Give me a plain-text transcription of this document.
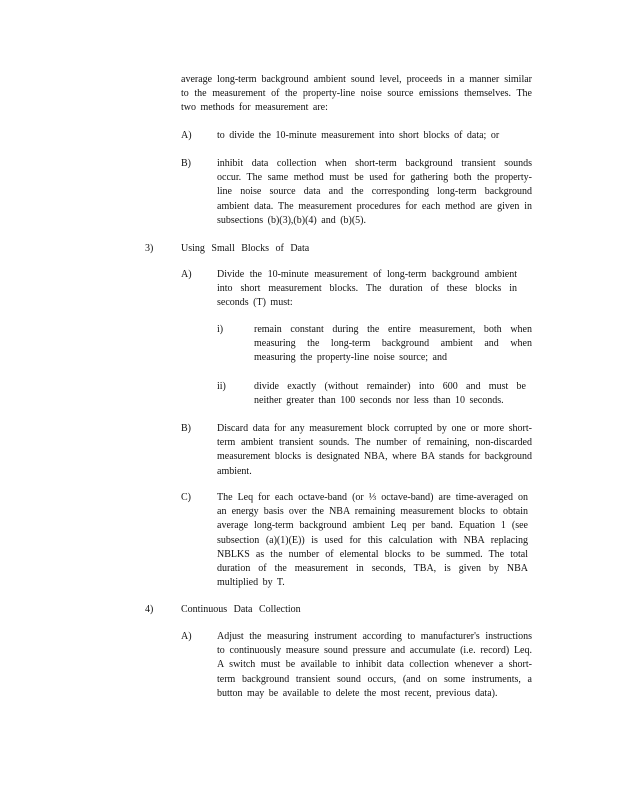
average long-term background ambient sound level, proceeds in a manner similar to the measurement of the property-line noise source emissions themselves. The two methods for measurement are:

A)	to divide the 10-minute measurement into short blocks of data; or

B)	inhibit data collection when short-term background transient sounds occur. The same method must be used for gathering both the property-line noise source data and the corresponding long-term background ambient data. The measurement procedures for each method are given in subsections (b)(3),(b)(4) and (b)(5).

3)	Using Small Blocks of Data
A)	Divide the 10-minute measurement of long-term background ambient into short measurement blocks. The duration of these blocks in seconds (T) must:

i)	remain constant during the entire measurement, both when measuring the long-term background ambient and when measuring the property-line noise source; and

ii)	divide exactly (without remainder) into 600 and must be neither greater than 100 seconds nor less than 10 seconds.

B)	Discard data for any measurement block corrupted by one or more short-term ambient transient sounds. The number of remaining, non-discarded measurement blocks is designated NBA, where BA stands for background ambient.

C)	The Leq for each octave-band (or ⅓ octave-band) are time-averaged on an energy basis over the NBA remaining measurement blocks to obtain average long-term background ambient Leq per band. Equation 1 (see subsection (a)(1)(E)) is used for this calculation with NBA replacing NBLKS as the number of elemental blocks to be summed. The total duration of the measurement in seconds, TBA, is given by NBA multiplied by T.

4)	Continuous Data Collection
A)	Adjust the measuring instrument according to manufacturer's instructions to continuously measure sound pressure and accumulate (i.e. record) Leq. A switch must be available to inhibit data collection whenever a short-term background transient sound occurs, (and on some instruments, a button may be available to delete the most recent, previous data).
